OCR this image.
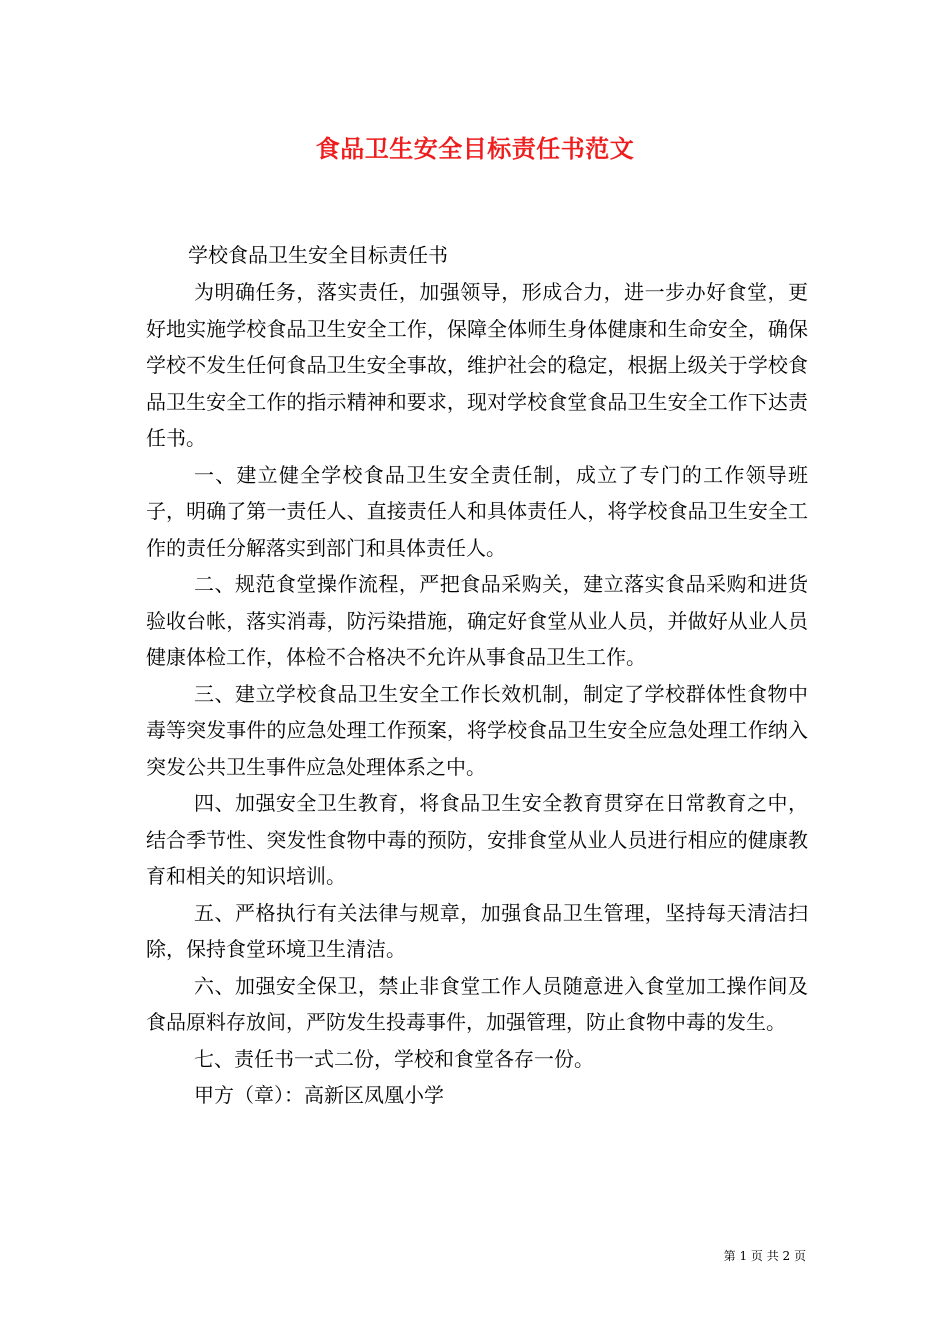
食品卫生安全目标责任书范文
学校食品卫生安全目标责任书

为明确任务，落实责任，加强领导，形成合力，进一步办好食堂，更好地实施学校食品卫生安全工作，保障全体师生身体健康和生命安全，确保学校不发生任何食品卫生安全事故，维护社会的稳定，根据上级关于学校食品卫生安全工作的指示精神和要求，现对学校食堂食品卫生安全工作下达责任书。

一、建立健全学校食品卫生安全责任制，成立了专门的工作领导班子，明确了第一责任人、直接责任人和具体责任人，将学校食品卫生安全工作的责任分解落实到部门和具体责任人。

二、规范食堂操作流程，严把食品采购关，建立落实食品采购和进货验收台帐，落实消毒，防污染措施，确定好食堂从业人员，并做好从业人员健康体检工作，体检不合格决不允许从事食品卫生工作。

三、建立学校食品卫生安全工作长效机制，制定了学校群体性食物中毒等突发事件的应急处理工作预案，将学校食品卫生安全应急处理工作纳入突发公共卫生事件应急处理体系之中。

四、加强安全卫生教育，将食品卫生安全教育贯穿在日常教育之中，结合季节性、突发性食物中毒的预防，安排食堂从业人员进行相应的健康教育和相关的知识培训。

五、严格执行有关法律与规章，加强食品卫生管理，坚持每天清洁扫除，保持食堂环境卫生清洁。

六、加强安全保卫，禁止非食堂工作人员随意进入食堂加工操作间及食品原料存放间，严防发生投毒事件，加强管理，防止食物中毒的发生。

七、责任书一式二份，学校和食堂各存一份。

甲方（章）：高新区凤凰小学

第 1 页 共 2 页
